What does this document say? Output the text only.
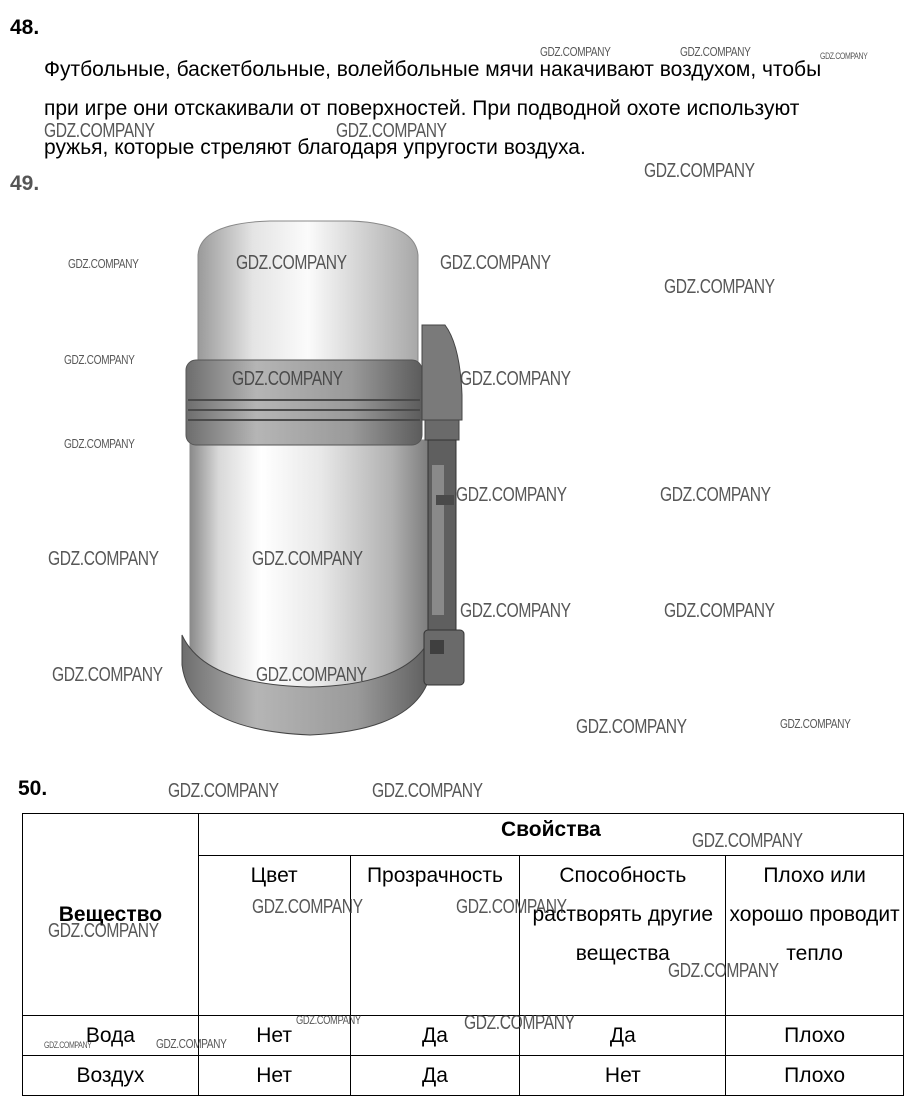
48.
Футбольные, баскетбольные, волейбольные мячи накачивают воздухом, чтобы
при игре они отскакивали от поверхностей. При подводной охоте используют
ружья, которые стреляют благодаря упругости воздуха.
49.
50.
Вещество	Свойства			
	Цвет	Прозрачность	Способность растворять другие вещества	Плохо или хорошо проводит тепло
Вода	Нет	Да	Да	Плохо
Воздух	Нет	Да	Нет	Плохо
GDZ.COMPANY	GDZ.COMPANY	GDZ.COMPANY
GDZ.COMPANY	GDZ.COMPANY
GDZ.COMPANY
GDZ.COMPANY	GDZ.COMPANY	GDZ.COMPANY
GDZ.COMPANY
GDZ.COMPANY
GDZ.COMPANY	GDZ.COMPANY
GDZ.COMPANY
GDZ.COMPANY	GDZ.COMPANY
GDZ.COMPANY	GDZ.COMPANY
GDZ.COMPANY	GDZ.COMPANY
GDZ.COMPANY	GDZ.COMPANY
GDZ.COMPANY	GDZ.COMPANY
GDZ.COMPANY	GDZ.COMPANY
GDZ.COMPANY
GDZ.COMPANY	GDZ.COMPANY
GDZ.COMPANY
GDZ.COMPANY
GDZ.COMPANY	GDZ.COMPANY
GDZ.COMPANY	GDZ.COMPANY
